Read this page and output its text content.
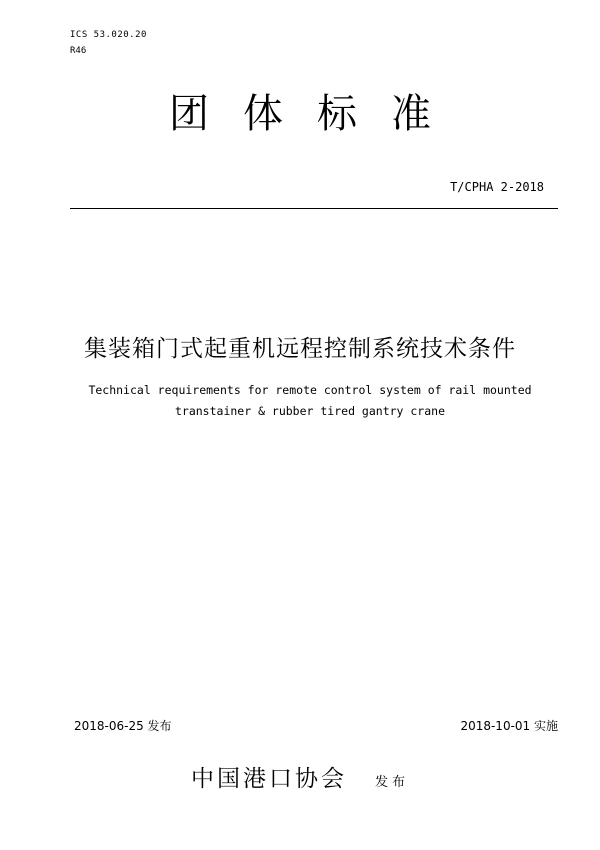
ICS 53.020.20
R46
团体标准
T/CPHA 2-2018
集装箱门式起重机远程控制系统技术条件
Technical requirements for remote control system of rail mounted
transtainer & rubber tired gantry crane
2018-06-25 发布	2018-10-01 实施
中国港口协会 发布
